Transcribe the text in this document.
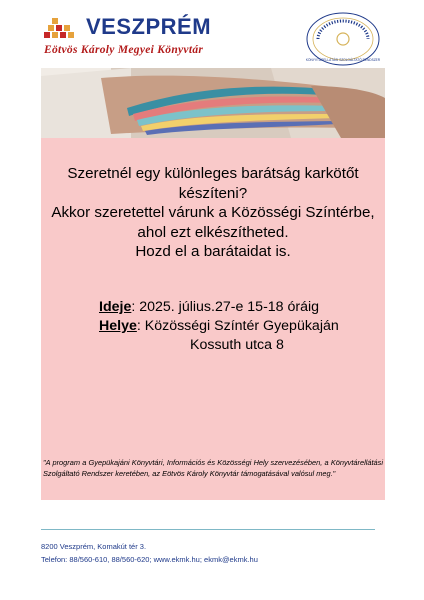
VESZPRÉM
Eötvös Károly Megyei Könyvtár
KÖNYVTÁRELLÁTÁSI SZOLGÁLTATÓ RENDSZER
Szeretnél egy különleges barátság karkötőt
készíteni?
Akkor szeretettel várunk a Közösségi Színtérbe,
ahol ezt elkészítheted.
Hozd el a barátaidat is.
Ideje: 2025. július.27-e 15-18 óráig
Helye: Közösségi Színtér Gyepükaján
Kossuth utca 8
"A program a Gyepükajáni Könyvtári, Információs és Közösségi Hely szervezésében, a Könyvtárellátási Szolgáltató Rendszer keretében, az Eötvös Károly Könyvtár támogatásával valósul meg."
8200 Veszprém, Komakút tér 3.
Telefon: 88/560-610, 88/560-620; www.ekmk.hu; ekmk@ekmk.hu
